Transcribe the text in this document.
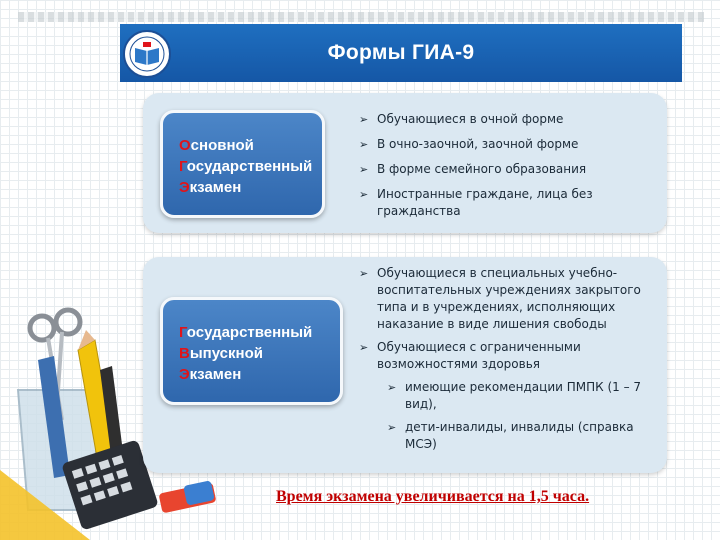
Формы ГИА-9
Основной
Государственный
Экзамен
➢ Обучающиеся в очной форме
➢ В очно-заочной, заочной форме
➢ В форме семейного образования
➢ Иностранные граждане, лица без гражданства
Государственный
Выпускной
Экзамен
➢ Обучающиеся в специальных учебно-воспитательных учреждениях закрытого типа и в учреждениях, исполняющих наказание в виде лишения свободы
➢ Обучающиеся с ограниченными возможностями здоровья
➢ имеющие рекомендации ПМПК (1 – 7 вид),
➢ дети-инвалиды, инвалиды (справка МСЭ)
Время экзамена увеличивается на 1,5 часа.
